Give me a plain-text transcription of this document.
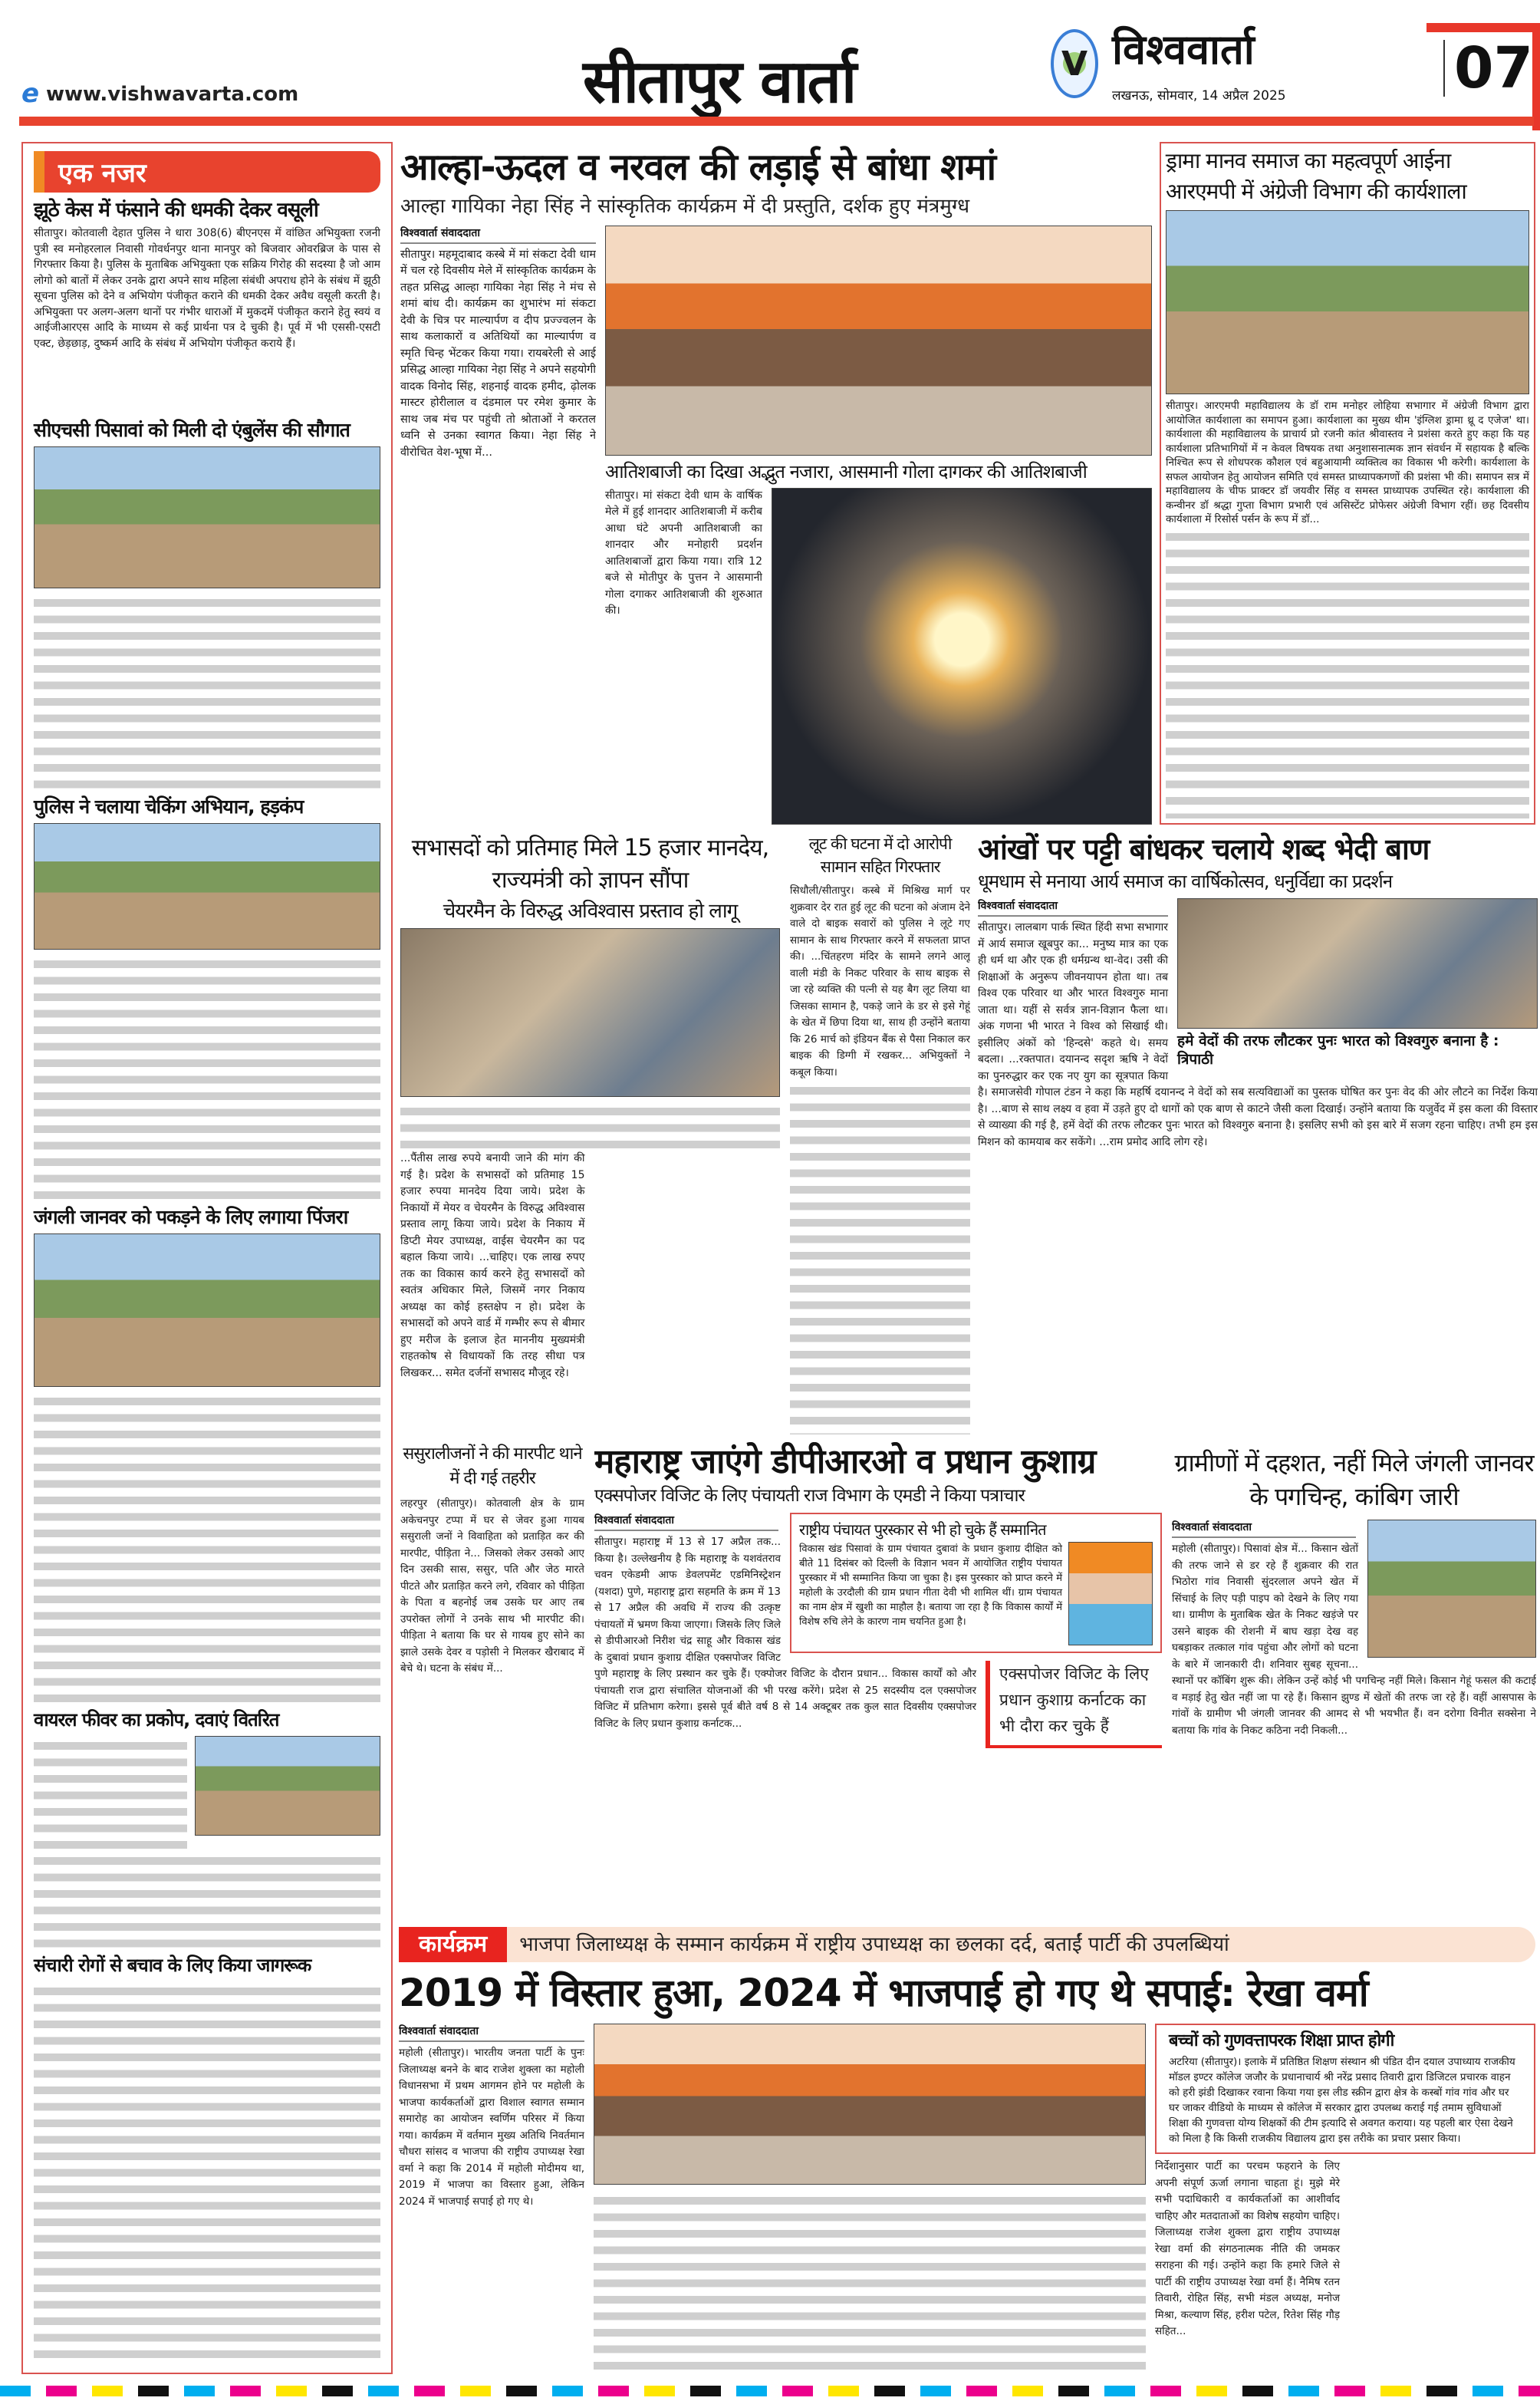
e www.vishwavarta.com	सीतापुर वार्ता	V विश्ववार्ता
लखनऊ, सोमवार, 14 अप्रैल 2025	07
एक नजर
झूठे केस में फंसाने की धमकी देकर वसूली
सीतापुर। कोतवाली देहात पुलिस ने धारा 308(6) बीएनएस में वांछित अभियुक्ता रजनी पुत्री स्व मनोहरलाल निवासी गोवर्धनपुर थाना मानपुर को बिजवार ओवरब्रिज के पास से गिरफ्तार किया है। पुलिस के मुताबिक अभियुक्ता एक सक्रिय गिरोह की सदस्या है जो आम लोगो को बातों में लेकर उनके द्वारा अपने साथ महिला संबंधी अपराध होने के संबंध में झूठी सूचना पुलिस को देने व अभियोग पंजीकृत कराने की धमकी देकर अवैध वसूली करती है। अभियुक्ता पर अलग-अलग थानों पर गंभीर धाराओं में मुकदमें पंजीकृत कराने हेतु स्वयं व आईजीआरएस आदि के माध्यम से कई प्रार्थना पत्र दे चुकी है। पूर्व में भी एससी-एसटी एक्ट, छेड़छाड़, दुष्कर्म आदि के संबंध में अभियोग पंजीकृत कराये हैं।
सीएचसी पिसावां को मिली दो एंबुलेंस की सौगात
पुलिस ने चलाया चेकिंग अभियान, हड़कंप
जंगली जानवर को पकड़ने के लिए लगाया पिंजरा
वायरल फीवर का प्रकोप, दवाएं वितरित
संचारी रोगों से बचाव के लिए किया जागरूक
आल्हा-ऊदल व नरवल की लड़ाई से बांधा शमां
आल्हा गायिका नेहा सिंह ने सांस्कृतिक कार्यक्रम में दी प्रस्तुति, दर्शक हुए मंत्रमुग्ध
विश्ववार्ता संवाददाता
सीतापुर। महमूदाबाद कस्बे में मां संकटा देवी धाम में चल रहे दिवसीय मेले में सांस्कृतिक कार्यक्रम के तहत प्रसिद्ध आल्हा गायिका नेहा सिंह ने मंच से शमां बांध दी। कार्यक्रम का शुभारंभ मां संकटा देवी के चित्र पर माल्यार्पण व दीप प्रज्ज्वलन के साथ कलाकारों व अतिथियों का माल्यार्पण व स्मृति चिन्ह भेंटकर किया गया। रायबरेली से आई प्रसिद्ध आल्हा गायिका नेहा सिंह ने अपने सहयोगी वादक विनोद सिंह, शहनाई वादक हमीद, ढ़ोलक मास्टर होरीलाल व दंडमाल पर रमेश कुमार के साथ जब मंच पर पहुंची तो श्रोताओं ने करतल ध्वनि से उनका स्वागत किया। नेहा सिंह ने वीरोचित वेश-भूषा में...
आतिशबाजी का दिखा अद्भुत नजारा, आसमानी गोला दागकर की आतिशबाजी
सीतापुर। मां संकटा देवी धाम के वार्षिक मेले में हुई शानदार आतिशबाजी में करीब आधा घंटे अपनी आतिशबाजी का शानदार और मनोहारी प्रदर्शन आतिशबाजों द्वारा किया गया। रात्रि 12 बजे से मोतीपुर के पुत्तन ने आसमानी गोला दगाकर आतिशबाजी की शुरुआत की।
ड्रामा मानव समाज का महत्वपूर्ण आईना
आरएमपी में अंग्रेजी विभाग की कार्यशाला
सीतापुर। आरएमपी महाविद्यालय के डॉ राम मनोहर लोहिया सभागार में अंग्रेजी विभाग द्वारा आयोजित कार्यशाला का समापन हुआ। कार्यशाला का मुख्य थीम 'इंग्लिश ड्रामा थ्रू द एजेज' था। कार्यशाला की महाविद्यालय के प्राचार्य प्रो रजनी कांत श्रीवास्तव ने प्रशंसा करते हुए कहा कि यह कार्यशाला प्रतिभागियों में न केवल विषयक तथा अनुशासनात्मक ज्ञान संवर्धन में सहायक है बल्कि निश्चित रूप से शोधपरक कौशल एवं बहुआयामी व्यक्तित्व का विकास भी करेगी। कार्यशाला के सफल आयोजन हेतु आयोजन समिति एवं समस्त प्राध्यापकगणों की प्रशंसा भी की। समापन सत्र में महाविद्यालय के चीफ प्राक्टर डॉ जयवीर सिंह व समस्त प्राध्यापक उपस्थित रहे। कार्यशाला की कन्वीनर डॉ श्रद्धा गुप्ता विभाग प्रभारी एवं असिस्टेंट प्रोफेसर अंग्रेजी विभाग रहीं। छह दिवसीय कार्यशाला में रिसोर्स पर्सन के रूप में डॉ...
सभासदों को प्रतिमाह मिले 15 हजार मानदेय, राज्यमंत्री को ज्ञापन सौंपा
चेयरमैन के विरुद्ध अविश्वास प्रस्ताव हो लागू
...पैंतीस लाख रुपये बनायी जाने की मांग की गई है। प्रदेश के सभासदों को प्रतिमाह 15 हजार रुपया मानदेय दिया जाये। प्रदेश के निकायों में मेयर व चेयरमैन के विरुद्ध अविश्वास प्रस्ताव लागू किया जाये। प्रदेश के निकाय में डिप्टी मेयर उपाध्यक्ष, वाईस चेयरमैन का पद बहाल किया जाये। ...चाहिए। एक लाख रुपए तक का विकास कार्य करने हेतु सभासदों को स्वतंत्र अधिकार मिले, जिसमें नगर निकाय अध्यक्ष का कोई हस्तक्षेप न हो। प्रदेश के सभासदों को अपने वार्ड में गम्भीर रूप से बीमार हुए मरीज के इलाज हेत माननीय मुख्यमंत्री राहतकोष से विधायकों कि तरह सीधा पत्र लिखकर... समेत दर्जनों सभासद मौजूद रहे।
लूट की घटना में दो आरोपी सामान सहित गिरफ्तार
सिधौली/सीतापुर। कस्बे में मिश्रिख मार्ग पर शुक्रवार देर रात हुई लूट की घटना को अंजाम देने वाले दो बाइक सवारों को पुलिस ने लूटे गए सामान के साथ गिरफ्तार करने में सफलता प्राप्त की। ...चिंतहरण मंदिर के सामने लगने आलू वाली मंडी के निकट परिवार के साथ बाइक से जा रहे व्यक्ति की पत्नी से यह बैग लूट लिया था जिसका सामान है, पकड़े जाने के डर से इसे गेहूं के खेत में छिपा दिया था, साथ ही उन्होंने बताया कि 26 मार्च को इंडियन बैंक से पैसा निकाल कर बाइक की डिग्गी में रखकर... अभियुक्तों ने कबूल किया।
आंखों पर पट्टी बांधकर चलाये शब्द भेदी बाण
धूमधाम से मनाया आर्य समाज का वार्षिकोत्सव, धनुर्विद्या का प्रदर्शन
हमे वेदों की तरफ लौटकर पुनः भारत को विश्वगुरु बनाना है : त्रिपाठी
विश्ववार्ता संवाददाता
सीतापुर। लालबाग पार्क स्थित हिंदी सभा सभागार में आर्य समाज खूबपुर का... मनुष्य मात्र का एक ही धर्म था और एक ही धर्मग्रन्थ था-वेद। उसी की शिक्षाओं के अनुरूप जीवनयापन होता था। तब विश्व एक परिवार था और भारत विश्वगुरु माना जाता था। यहीं से सर्वत्र ज्ञान-विज्ञान फैला था। अंक गणना भी भारत ने विश्व को सिखाई थी। इसीलिए अंकों को 'हिन्दसे' कहते थे। समय बदला। ...रक्तपात। दयानन्द सदृश ऋषि ने वेदों का पुनरुद्धार कर एक नए युग का सूत्रपात किया है। समाजसेवी गोपाल टंडन ने कहा कि महर्षि दयानन्द ने वेदों को सब सत्यविद्याओं का पुस्तक घोषित कर पुनः वेद की ओर लौटने का निर्देश किया है। ...बाण से साथ लक्ष्य व हवा में उड़ते हुए दो धागों को एक बाण से काटने जैसी कला दिखाई। उन्होंने बताया कि यजुर्वेद में इस कला की विस्तार से व्याख्या की गई है, हमें वेदों की तरफ लौटकर पुनः भारत को विश्वगुरु बनाना है। इसलिए सभी को इस बारे में सजग रहना चाहिए। तभी हम इस मिशन को कामयाब कर सकेंगे। ...राम प्रमोद आदि लोग रहे।
ससुरालीजनों ने की मारपीट थाने में दी गई तहरीर
लहरपुर (सीतापुर)। कोतवाली क्षेत्र के ग्राम अकेचनपुर टप्पा में घर से जेवर हुआ गायब ससुराली जनों ने विवाहिता को प्रताड़ित कर की मारपीट, पीड़िता ने... जिसको लेकर उसको आए दिन उसकी सास, ससुर, पति और जेठ मारते पीटते और प्रताड़ित करने लगे, रविवार को पीड़िता के पिता व बहनोई जब उसके घर आए तब उपरोक्त लोगों ने उनके साथ भी मारपीट की। पीड़िता ने बताया कि घर से गायब हुए सोने का झाले उसके देवर व पड़ोसी ने मिलकर खैराबाद में बेचे थे। घटना के संबंध में...
महाराष्ट्र जाएंगे डीपीआरओ व प्रधान कुशाग्र
एक्सपोजर विजिट के लिए पंचायती राज विभाग के एमडी ने किया पत्राचार
राष्ट्रीय पंचायत पुरस्कार से भी हो चुके हैं सम्मानित
विकास खंड पिसावां के ग्राम पंचायत दुबावां के प्रधान कुशाग्र दीक्षित को बीते 11 दिसंबर को दिल्ली के विज्ञान भवन में आयोजित राष्ट्रीय पंचायत पुरस्कार में भी सम्मानित किया जा चुका है। इस पुरस्कार को प्राप्त करने में महोली के उरदौली की ग्राम प्रधान गीता देवी भी शामिल थीं। ग्राम पंचायत का नाम क्षेत्र में खुशी का माहौल है। बताया जा रहा है कि विकास कार्यों में विशेष रुचि लेने के कारण नाम चयनित हुआ है।
एक्सपोजर विजिट के लिए प्रधान कुशाग्र कर्नाटक का भी दौरा कर चुके हैं
विश्ववार्ता संवाददाता
सीतापुर। महाराष्ट्र में 13 से 17 अप्रैल तक... किया है। उल्लेखनीय है कि महाराष्ट्र के यशवंतराव चवन एकेडमी आफ डेवलपमेंट एडमिनिस्ट्रेशन (यशदा) पुणे, महाराष्ट्र द्वारा सहमति के क्रम में 13 से 17 अप्रैल की अवधि में राज्य की उत्कृष्ट पंचायतों में भ्रमण किया जाएगा। जिसके लिए जिले से डीपीआरओ निरीश चंद्र साहू और विकास खंड के दुबावां प्रधान कुशाग्र दीक्षित एक्सपोजर विजिट पुणे महाराष्ट्र के लिए प्रस्थान कर चुके हैं। एक्पोजर विजिट के दौरान प्रधान... विकास कार्यों को और पंचायती राज द्वारा संचालित योजनाओं की भी परख करेंगे। प्रदेश से 25 सदस्यीय दल एक्सपोजर विजिट में प्रतिभाग करेगा। इससे पूर्व बीते वर्ष 8 से 14 अक्टूबर तक कुल सात दिवसीय एक्सपोजर विजिट के लिए प्रधान कुशाग्र कर्नाटक...
ग्रामीणों में दहशत, नहीं मिले जंगली जानवर के पगचिन्ह, कांबिग जारी
विश्ववार्ता संवाददाता
महोली (सीतापुर)। पिसावां क्षेत्र में... किसान खेतों की तरफ जाने से डर रहे हैं शुक्रवार की रात भिठोरा गांव निवासी सुंदरलाल अपने खेत में सिंचाई के लिए पड़ी पाइप को देखने के लिए गया था। ग्रामीण के मुताबिक खेत के निकट खड़ंजे पर उसने बाइक की रोशनी में बाघ खड़ा देख वह घबड़ाकर तत्काल गांव पहुंचा और लोगों को घटना के बारे में जानकारी दी। शनिवार सुबह सूचना... स्थानों पर कॉबिंग शुरू की। लेकिन उन्हें कोई भी पगचिन्ह नहीं मिले। किसान गेहूं फसल की कटाई व मड़ाई हेतु खेत नहीं जा पा रहे हैं। किसान झुण्ड में खेतों की तरफ जा रहे हैं। वहीं आसपास के गांवों के ग्रामीण भी जंगली जानवर की आमद से भी भयभीत हैं। वन दरोगा विनीत सक्सेना ने बताया कि गांव के निकट कठिना नदी निकली...
कार्यक्रम	भाजपा जिलाध्यक्ष के सम्मान कार्यक्रम में राष्ट्रीय उपाध्यक्ष का छलका दर्द, बताईं पार्टी की उपलब्धियां
2019 में विस्तार हुआ, 2024 में भाजपाई हो गए थे सपाई: रेखा वर्मा
विश्ववार्ता संवाददाता
महोली (सीतापुर)। भारतीय जनता पार्टी के पुनः जिलाध्यक्ष बनने के बाद राजेश शुक्ला का महोली विधानसभा में प्रथम आगमन होने पर महोली के भाजपा कार्यकर्ताओं द्वारा विशाल स्वागत सम्मान समारोह का आयोजन स्वर्णिम परिसर में किया गया। कार्यक्रम में वर्तमान मुख्य अतिथि निवर्तमान चौधरा सांसद व भाजपा की राष्ट्रीय उपाध्यक्ष रेखा वर्मा ने कहा कि 2014 में महोली मोदीमय था, 2019 में भाजपा का विस्तार हुआ, लेकिन 2024 में भाजपाई सपाई हो गए थे।
बच्चों को गुणवत्तापरक शिक्षा प्राप्त होगी
अटरिया (सीतापुर)। इलाके में प्रतिष्ठित शिक्षण संस्थान श्री पंडित दीन दयाल उपाध्याय राजकीय मॉडल इण्टर कॉलेज जजौर के प्रधानाचार्य श्री नरेंद्र प्रसाद तिवारी द्वारा डिजिटल प्रचारक वाहन को हरी झंडी दिखाकर रवाना किया गया इस लीड स्क्रीन द्वारा क्षेत्र के कस्बों गांव गांव और घर घर जाकर वीडियो के माध्यम से कॉलेज में सरकार द्वारा उपलब्ध कराई गई तमाम सुविधाओं शिक्षा की गुणवत्ता योग्य शिक्षकों की टीम इत्यादि से अवगत कराया। यह पहली बार ऐसा देखने को मिला है कि किसी राजकीय विद्यालय द्वारा इस तरीके का प्रचार प्रसार किया।
निर्देशानुसार पार्टी का परचम फहराने के लिए अपनी संपूर्ण ऊर्जा लगाना चाहता हूं। मुझे मेरे सभी पदाधिकारी व कार्यकर्ताओं का आशीर्वाद चाहिए और मतदाताओं का विशेष सहयोग चाहिए। जिलाध्यक्ष राजेश शुक्ला द्वारा राष्ट्रीय उपाध्यक्ष रेखा वर्मा की संगठनात्मक नीति की जमकर सराहना की गई। उन्होंने कहा कि हमारे जिले से पार्टी की राष्ट्रीय उपाध्यक्ष रेखा वर्मा हैं। नैमिष रतन तिवारी, रोहित सिंह, सभी मंडल अध्यक्ष, मनोज मिश्रा, कल्याण सिंह, हरीश पटेल, रितेश सिंह गौड़ सहित...
